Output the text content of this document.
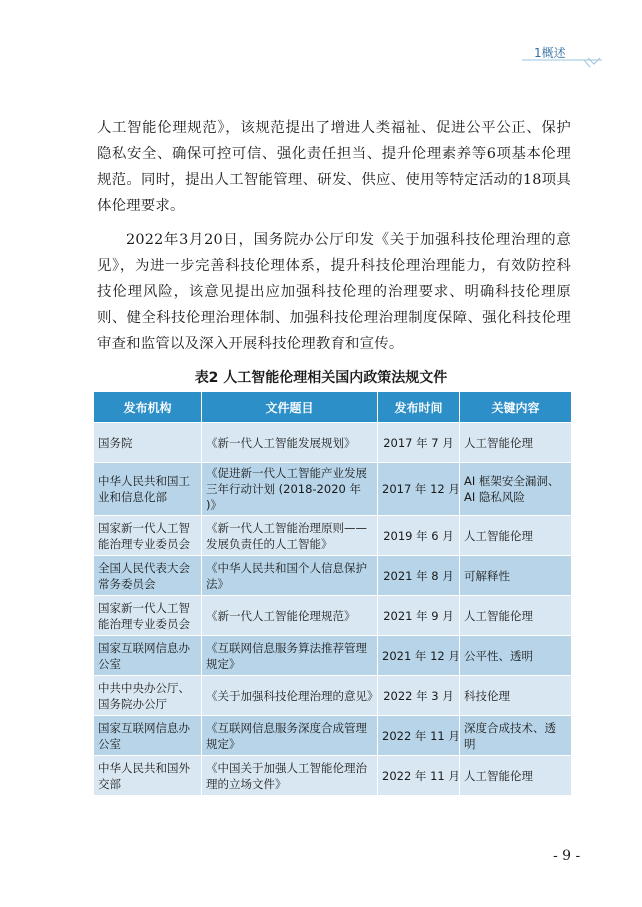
1概述

人工智能伦理规范》，该规范提出了增进人类福祉、促进公平公正、保护隐私安全、确保可控可信、强化责任担当、提升伦理素养等6项基本伦理规范。同时，提出人工智能管理、研发、供应、使用等特定活动的18项具体伦理要求。

2022年3月20日，国务院办公厅印发《关于加强科技伦理治理的意见》，为进一步完善科技伦理体系，提升科技伦理治理能力，有效防控科技伦理风险，该意见提出应加强科技伦理的治理要求、明确科技伦理原则、健全科技伦理治理体制、加强科技伦理治理制度保障、强化科技伦理审查和监管以及深入开展科技伦理教育和宣传。

表2 人工智能伦理相关国内政策法规文件
发布机构	文件题目	发布时间	关键内容
国务院	《新一代人工智能发展规划》	2017 年 7 月	人工智能伦理
中华人民共和国工业和信息化部	《促进新一代人工智能产业发展三年行动计划 (2018-2020 年 )》	2017 年 12 月	AI 框架安全漏洞、AI 隐私风险
国家新一代人工智能治理专业委员会	《新一代人工智能治理原则——发展负责任的人工智能》	2019 年 6 月	人工智能伦理
全国人民代表大会常务委员会	《中华人民共和国个人信息保护法》	2021 年 8 月	可解释性
国家新一代人工智能治理专业委员会	《新一代人工智能伦理规范》	2021 年 9 月	人工智能伦理
国家互联网信息办公室	《互联网信息服务算法推荐管理规定》	2021 年 12 月	公平性、透明
中共中央办公厅、国务院办公厅	《关于加强科技伦理治理的意见》	2022 年 3 月	科技伦理
国家互联网信息办公室	《互联网信息服务深度合成管理规定》	2022 年 11 月	深度合成技术、透明
中华人民共和国外交部	《中国关于加强人工智能伦理治理的立场文件》	2022 年 11 月	人工智能伦理
- 9 -
